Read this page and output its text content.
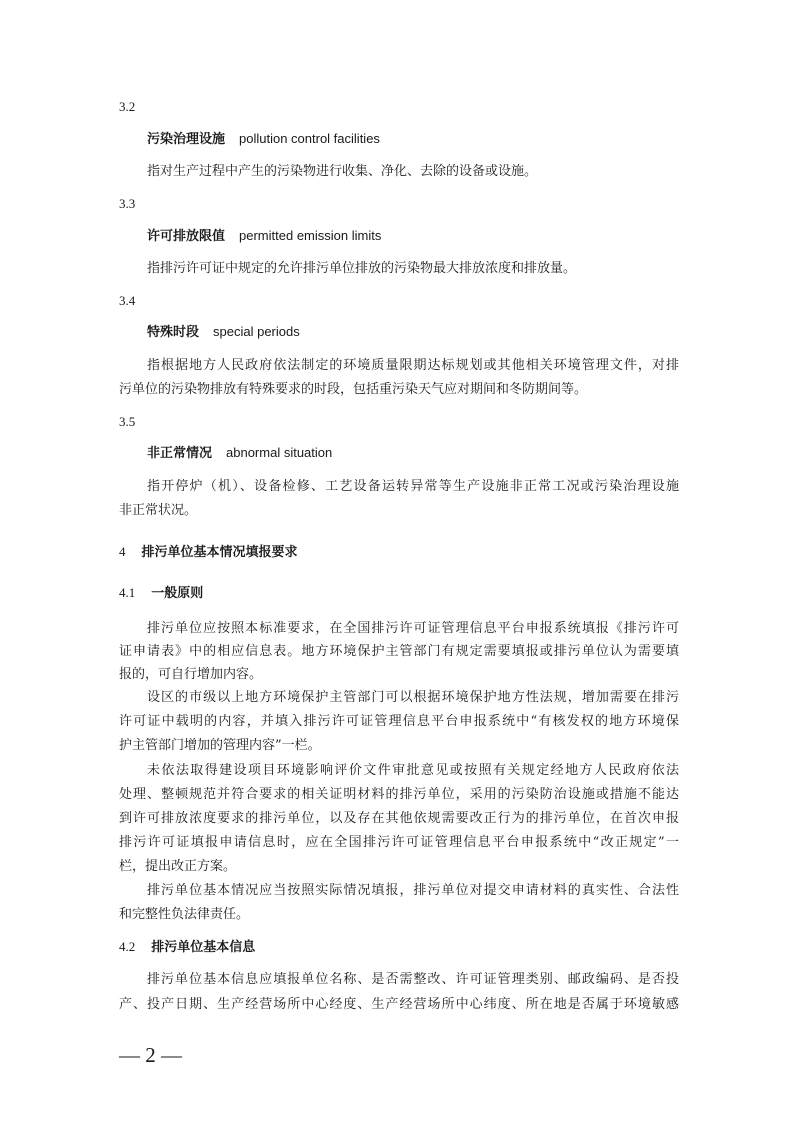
3.2
污染治理设施 pollution control facilities
指对生产过程中产生的污染物进行收集、净化、去除的设备或设施。
3.3
许可排放限值 permitted emission limits
指排污许可证中规定的允许排污单位排放的污染物最大排放浓度和排放量。
3.4
特殊时段 special periods
指根据地方人民政府依法制定的环境质量限期达标规划或其他相关环境管理文件，对排
污单位的污染物排放有特殊要求的时段，包括重污染天气应对期间和冬防期间等。
3.5
非正常情况 abnormal situation
指开停炉（机）、设备检修、工艺设备运转异常等生产设施非正常工况或污染治理设施
非正常状况。
4 排污单位基本情况填报要求
4.1 一般原则
排污单位应按照本标准要求，在全国排污许可证管理信息平台申报系统填报《排污许可
证申请表》中的相应信息表。地方环境保护主管部门有规定需要填报或排污单位认为需要填
报的，可自行增加内容。
设区的市级以上地方环境保护主管部门可以根据环境保护地方性法规，增加需要在排污
许可证中载明的内容，并填入排污许可证管理信息平台申报系统中“有核发权的地方环境保
护主管部门增加的管理内容”一栏。
未依法取得建设项目环境影响评价文件审批意见或按照有关规定经地方人民政府依法
处理、整顿规范并符合要求的相关证明材料的排污单位，采用的污染防治设施或措施不能达
到许可排放浓度要求的排污单位，以及存在其他依规需要改正行为的排污单位，在首次申报
排污许可证填报申请信息时，应在全国排污许可证管理信息平台申报系统中“改正规定”一
栏，提出改正方案。
排污单位基本情况应当按照实际情况填报，排污单位对提交申请材料的真实性、合法性
和完整性负法律责任。
4.2 排污单位基本信息
排污单位基本信息应填报单位名称、是否需整改、许可证管理类别、邮政编码、是否投
产、投产日期、生产经营场所中心经度、生产经营场所中心纬度、所在地是否属于环境敏感
— 2 —
